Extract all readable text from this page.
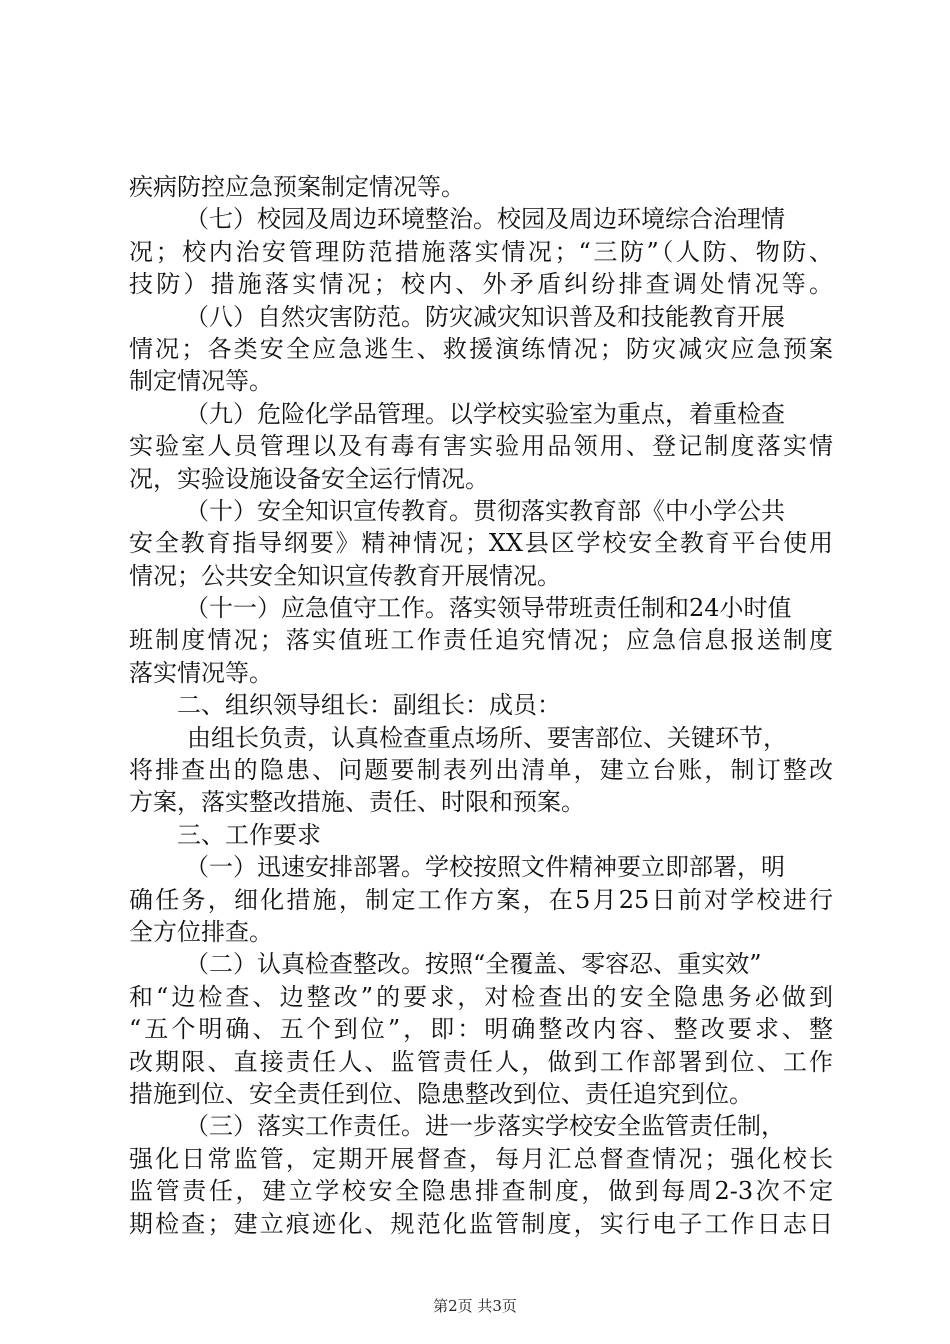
疾病防控应急预案制定情况等。
（七）校园及周边环境整治。校园及周边环境综合治理情
况；校内治安管理防范措施落实情况；“三防”（人防、物防、
技防）措施落实情况；校内、外矛盾纠纷排查调处情况等。
（八）自然灾害防范。防灾减灾知识普及和技能教育开展
情况；各类安全应急逃生、救援演练情况；防灾减灾应急预案
制定情况等。
（九）危险化学品管理。以学校实验室为重点，着重检查
实验室人员管理以及有毒有害实验用品领用、登记制度落实情
况，实验设施设备安全运行情况。
（十）安全知识宣传教育。贯彻落实教育部《中小学公共
安全教育指导纲要》精神情况；XX县区学校安全教育平台使用
情况；公共安全知识宣传教育开展情况。
（十一）应急值守工作。落实领导带班责任制和24小时值
班制度情况；落实值班工作责任追究情况；应急信息报送制度
落实情况等。
二、组织领导组长：副组长：成员：
由组长负责，认真检查重点场所、要害部位、关键环节，
将排查出的隐患、问题要制表列出清单，建立台账，制订整改
方案，落实整改措施、责任、时限和预案。
三、工作要求
（一）迅速安排部署。学校按照文件精神要立即部署，明
确任务，细化措施，制定工作方案，在5月25日前对学校进行
全方位排查。
（二）认真检查整改。按照“全覆盖、零容忍、重实效”
和“边检查、边整改”的要求，对检查出的安全隐患务必做到
“五个明确、五个到位”，即：明确整改内容、整改要求、整
改期限、直接责任人、监管责任人，做到工作部署到位、工作
措施到位、安全责任到位、隐患整改到位、责任追究到位。
（三）落实工作责任。进一步落实学校安全监管责任制，
强化日常监管，定期开展督查，每月汇总督查情况；强化校长
监管责任，建立学校安全隐患排查制度，做到每周2-3次不定
期检查；建立痕迹化、规范化监管制度，实行电子工作日志日
第2页 共3页
